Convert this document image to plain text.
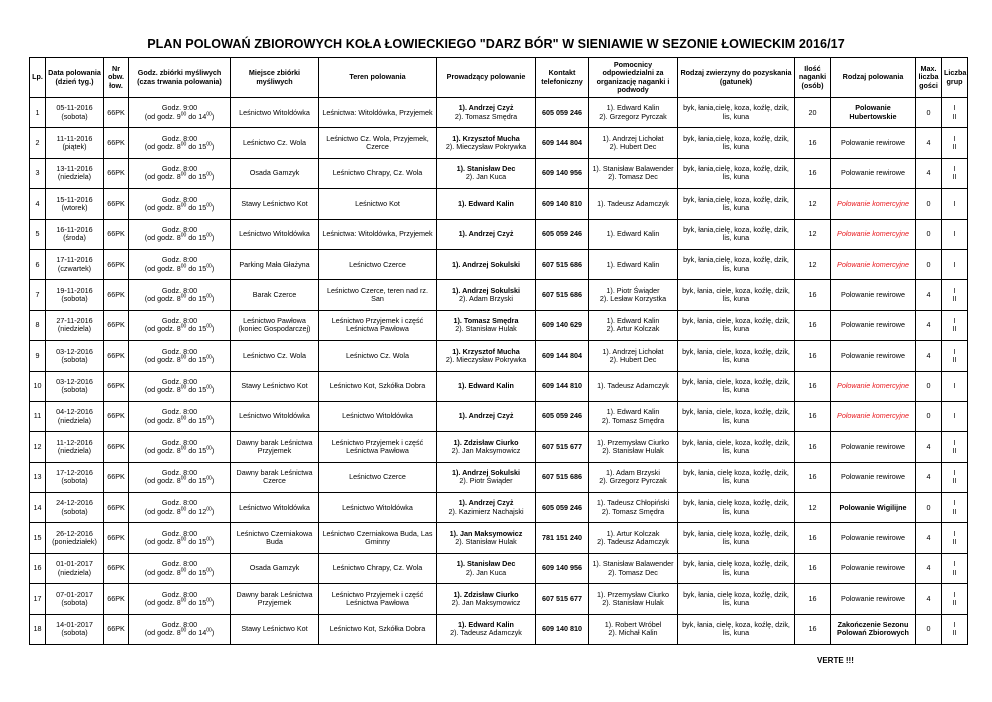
PLAN POLOWAŃ ZBIOROWYCH KOŁA ŁOWIECKIEGO "DARZ BÓR" W SIENIAWIE W SEZONIE ŁOWIECKIM 2016/17
Lp.	Data polowania (dzień tyg.)	Nr obw. łow.	Godz. zbiórki myśliwych (czas trwania polowania)	Miejsce zbiórki myśliwych	Teren polowania	Prowadzący polowanie	Kontakt telefoniczny	Pomocnicy odpowiedzialni za organizację naganki i podwody	Rodzaj zwierzyny do pozyskania (gatunek)	Ilość naganki (osób)	Rodzaj polowania	Max. liczba gości	Liczba grup
1	05-11-2016
(sobota)	66PK	Godz. 9:00
(od godz. $9^{00}$ do $14^{00}$)	Leśnictwo Witoldówka	Leśnictwa: Witoldówka, Przyjemek	1). Andrzej Czyż
2). Tomasz Smędra	605 059 246	1). Edward Kalin
2). Grzegorz Pyrczak	byk, łania,cielę, koza, koźlę, dzik, lis, kuna	20	Polowanie Hubertowskie	0	I
II

2	11-11-2016
(piątek)	66PK	Godz. 8:00
(od godz. $8^{00}$ do $15^{00}$)	Leśnictwo Cz. Wola	Leśnictwo Cz. Wola, Przyjemek, Czerce	1). Krzysztof Mucha
2). Mieczysław Pokrywka	609 144 804	1). Andrzej Lichołat
2). Hubert Dec	byk, łania,cielę, koza, koźlę, dzik, lis, kuna	16	Polowanie rewirowe	4	I
II

3	13-11-2016
(niedziela)	66PK	Godz. 8:00
(od godz. $8^{00}$ do $15^{00}$)	Osada Gamzyk	Leśnictwo Chrapy, Cz. Wola	1). Stanisław Dec
2). Jan Kuca	609 140 956	1). Stanisław Balawender
2). Tomasz Dec	byk, łania,cielę, koza, koźlę, dzik, lis, kuna	16	Polowanie rewirowe	4	I
II

4	15-11-2016
(wtorek)	66PK	Godz. 8:00
(od godz. $8^{00}$ do $15^{00}$)	Stawy Leśnictwo Kot	Leśnictwo Kot	1). Edward Kalin	609 140 810	1). Tadeusz Adamczyk	byk, łania,cielę, koza, koźlę, dzik, lis, kuna	12	Polowanie komercyjne	0	I

5	16-11-2016
(środa)	66PK	Godz. 8:00
(od godz. $8^{00}$ do $15^{00}$)	Leśnictwo Witoldówka	Leśnictwa: Witoldówka, Przyjemek	1). Andrzej Czyż	605 059 246	1). Edward Kalin	byk, łania,cielę, koza, koźlę, dzik, lis, kuna	12	Polowanie komercyjne	0	I

6	17-11-2016
(czwartek)	66PK	Godz. 8:00
(od godz. $8^{00}$ do $15^{00}$)	Parking Mała Głażyna	Leśnictwo Czerce	1). Andrzej Sokulski	607 515 686	1). Edward Kalin	byk, łania,cielę, koza, koźlę, dzik, lis, kuna	12	Polowanie komercyjne	0	I

7	19-11-2016
(sobota)	66PK	Godz. 8:00
(od godz. $8^{00}$ do $15^{00}$)	Barak Czerce	Leśnictwo Czerce, teren nad rz. San	1). Andrzej Sokulski
2). Adam Brzyski	607 515 686	1). Piotr Świąder
2). Lesław Korzystka	byk, łania, ciele, koza, koźlę, dzik, lis, kuna	16	Polowanie rewirowe	4	I
II

8	27-11-2016
(niedziela)	66PK	Godz. 8:00
(od godz. $8^{00}$ do $15^{00}$)	Leśnictwo Pawłowa (koniec Gospodarczej)	Leśnictwo Przyjemek i część Leśnictwa Pawłowa	1). Tomasz Smędra
2). Stanisław Hulak	609 140 629	1). Edward Kalin
2). Artur Kolczak	byk, łania, ciele, koza, koźlę, dzik, lis, kuna	16	Polowanie rewirowe	4	I
II

9	03-12-2016
(sobota)	66PK	Godz. 8:00
(od godz. $8^{00}$ do $15^{00}$)	Leśnictwo Cz. Wola	Leśnictwo Cz. Wola	1). Krzysztof Mucha
2). Mieczysław Pokrywka	609 144 804	1). Andrzej Lichołat
2). Hubert Dec	byk, łania, ciele, koza, koźlę, dzik, lis, kuna	16	Polowanie rewirowe	4	I
II

10	03-12-2016
(sobota)	66PK	Godz. 8:00
(od godz. $8^{00}$ do $15^{00}$)	Stawy Leśnictwo Kot	Leśnictwo Kot, Szkółka Dobra	1). Edward Kalin	609 144 810	1). Tadeusz Adamczyk	byk, łania, ciele, koza, koźlę, dzik, lis, kuna	16	Polowanie komercyjne	0	I

11	04-12-2016
(niedziela)	66PK	Godz. 8:00
(od godz. $8^{00}$ do $15^{00}$)	Leśnictwo Witoldówka	Leśnictwo Witoldówka	1). Andrzej Czyż	605 059 246	1). Edward Kalin
2). Tomasz Smędra	byk, łania, ciele, koza, koźlę, dzik, lis, kuna	16	Polowanie komercyjne	0	I

12	11-12-2016
(niedziela)	66PK	Godz. 8:00
(od godz. $8^{00}$ do $15^{00}$)	Dawny barak Leśnictwa Przyjemek	Leśnictwo Przyjemek i część Leśnictwa Pawłowa	1). Zdzisław Ciurko
2). Jan Maksymowicz	607 515 677	1). Przemysław Ciurko
2). Stanisław Hulak	byk, łania, ciele, koza, koźlę, dzik, lis, kuna	16	Polowanie rewirowe	4	I
II

13	17-12-2016
(sobota)	66PK	Godz. 8:00
(od godz. $8^{00}$ do $15^{00}$)	Dawny barak Leśnictwa Czerce	Leśnictwo Czerce	1). Andrzej Sokulski
2). Piotr Świąder	607 515 686	1). Adam Brzyski
2). Grzegorz Pyrczak	byk, łania, cielę koza, koźlę, dzik, lis, kuna	16	Polowanie rewirowe	4	I
II

14	24-12-2016
(sobota)	66PK	Godz. 8:00
(od godz. $8^{00}$ do $12^{00}$)	Leśnictwo Witoldówka	Leśnictwo Witoldówka	1). Andrzej Czyż
2). Kazimierz Nachajski	605 059 246	1). Tadeusz Chłopiński
2). Tomasz Smędra	byk, łania, cielę koza, koźlę, dzik, lis, kuna	12	Polowanie Wigilijne	0	I
II

15	26-12-2016
(poniedziałek)	66PK	Godz. 8:00
(od godz. $8^{00}$ do $15^{00}$)	Leśnictwo Czerniakowa Buda	Leśnictwo Czerniakowa Buda, Las Gminny	1). Jan Maksymowicz
2). Stanisław Hulak	781 151 240	1). Artur Kolczak
2). Tadeusz Adamczyk	byk, łania, cielę koza, koźlę, dzik, lis, kuna	16	Polowanie rewirowe	4	I
II

16	01-01-2017
(niedziela)	66PK	Godz. 8:00
(od godz. $8^{00}$ do $15^{00}$)	Osada Gamzyk	Leśnictwo Chrapy, Cz. Wola	1). Stanisław Dec
2). Jan Kuca	609 140 956	1). Stanisław Balawender
2). Tomasz Dec	byk, łania, cielę koza, koźlę, dzik, lis, kuna	16	Polowanie rewirowe	4	I
II

17	07-01-2017
(sobota)	66PK	Godz. 8:00
(od godz. $8^{00}$ do $15^{00}$)	Dawny barak Leśnictwa Przyjemek	Leśnictwo Przyjemek i część Leśnictwa Pawłowa	1). Zdzisław Ciurko
2). Jan Maksymowicz	607 515 677	1). Przemysław Ciurko
2). Stanisław Hulak	byk, łania, cielę koza, koźlę, dzik, lis, kuna	16	Polowanie rewirowe	4	I
II

18	14-01-2017
(sobota)	66PK	Godz. 8:00
(od godz. $8^{00}$ do $14^{00}$)	Stawy Leśnictwo Kot	Leśnictwo Kot, Szkółka Dobra	1). Edward Kalin
2). Tadeusz Adamczyk	609 140 810	1). Robert Wróbel
2). Michał Kalin	byk, łania, cielę, koza, koźlę, dzik, lis, kuna	16	Zakończenie Sezonu Polowań Zbiorowych	0	I
II
VERTE !!!
